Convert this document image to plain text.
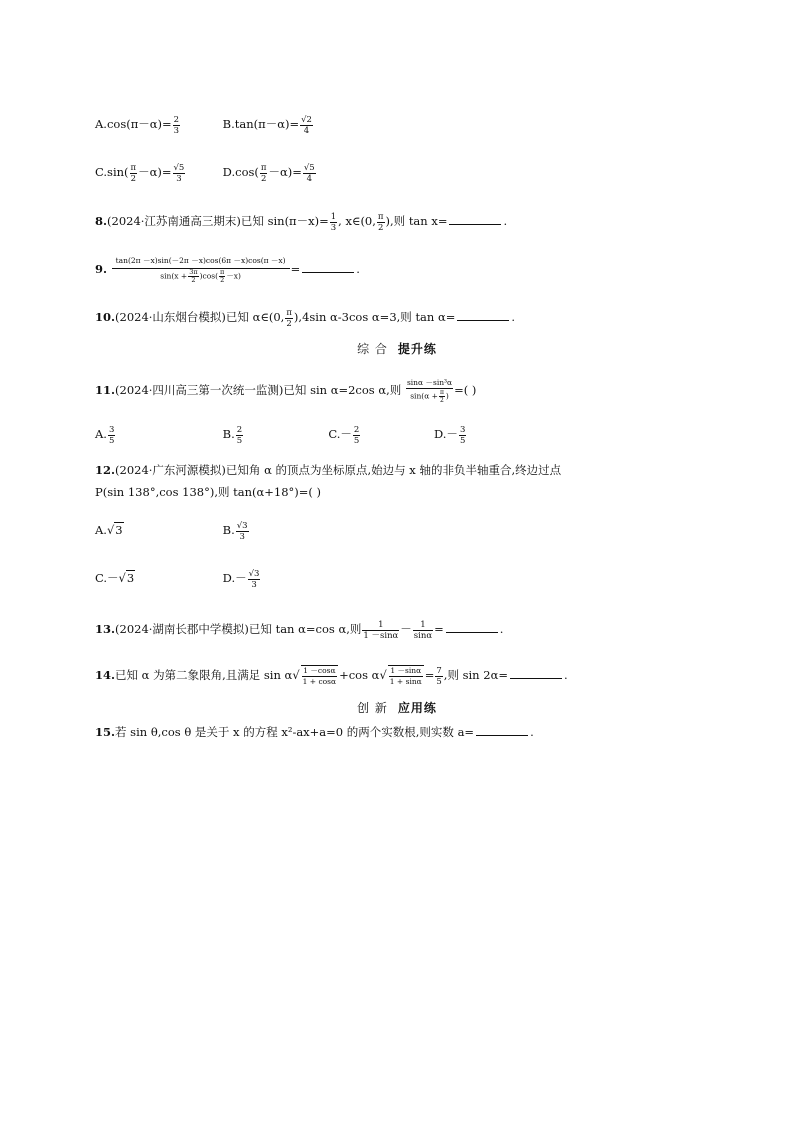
$A.\cos(\pi-\alpha)= \frac{2}{3}$	$B.\tan(\pi-\alpha)= \frac{√2}{4}$
$C.\sin( \frac{\pi}{2} -\alpha)= \frac{√5}{3}$	$D.\cos( \frac{\pi}{2} -\alpha)= \frac{√5}{4}$
8.(2024·江苏南通高三期末)已知 $\sin(\pi-x)= \frac{1}{3}$ , x∈(0, $\frac{\pi}{2}$ ),则 tan x=	.
9. $\frac{\tan(2\pi -x)\sin(-2\pi -x)\cos(6\pi -x)\cos(\pi -x)}{\sin(x + \frac{3\pi}{2} )\cos( \frac{\pi}{2} -x)}$ =	.
10.(2024·山东烟台模拟)已知 α∈(0, $\frac{\pi}{2} ),4\sin$ α-3cos α=3,则 tan α=	.
综 合 提升练
11.(2024·四川高三第一次统一监测)已知 sin α=2cos α,则 $\frac{\text{sinα －sin³α}}{\sin(\alpha + \frac{\pi}{2} )}$ =( )
A. $\frac{3}{5}$	B. $\frac{2}{5}$	$C.- \frac{2}{5}$	$D.- \frac{3}{5}$
12.(2024·广东河源模拟)已知角 α 的顶点为坐标原点,始边与 x 轴的非负半轴重合,终边过点
P(sin 138°,cos 138°),则 tan(α+18°)=( )
A.√3	B. $\frac{√3}{3}$
C.－√3	$D.- \frac{√3}{3}$
13.(2024·湖南长郡中学模拟)已知 tan α=cos α,则 $\frac{1}{1 -\sin\alpha} - \frac{1}{\sin\alpha}$ =	.
14.已知 α 为第二象限角,且满足 $\sin \alpha√ \frac{1 -\cos\alpha}{1 + \cos\alpha} +\cos$ $\alpha√ \frac{1 -\sin\alpha}{1 + \sin\alpha} = \frac{7}{5}$ ,则 sin 2α=	.
创 新 应用练
15.若 sin θ,cos θ 是关于 x 的方程 x²-ax+a=0 的两个实数根,则实数 a=	.
